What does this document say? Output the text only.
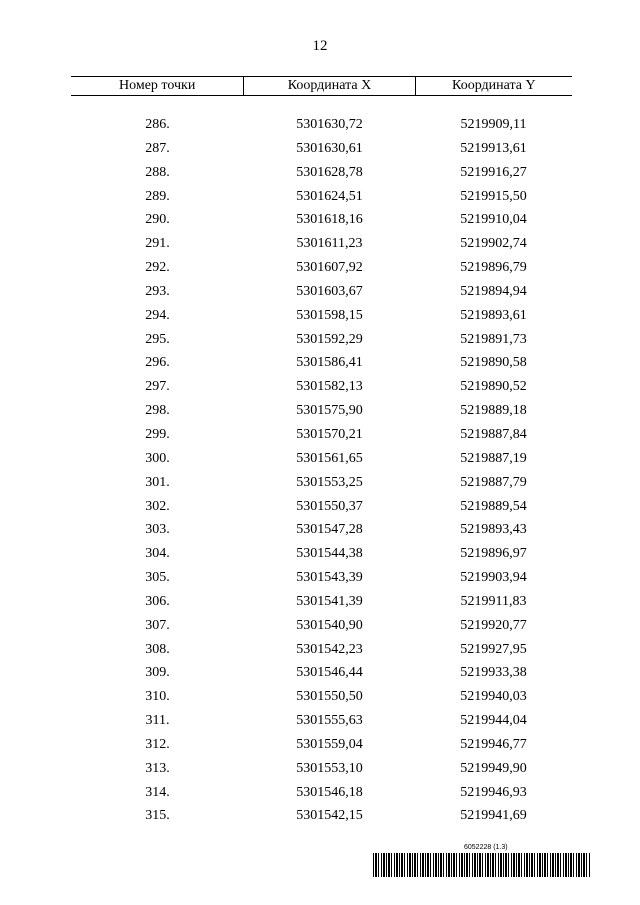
12
Номер точки	Координата X	Координата Y
286.	5301630,72	5219909,11
287.	5301630,61	5219913,61
288.	5301628,78	5219916,27
289.	5301624,51	5219915,50
290.	5301618,16	5219910,04
291.	5301611,23	5219902,74
292.	5301607,92	5219896,79
293.	5301603,67	5219894,94
294.	5301598,15	5219893,61
295.	5301592,29	5219891,73
296.	5301586,41	5219890,58
297.	5301582,13	5219890,52
298.	5301575,90	5219889,18
299.	5301570,21	5219887,84
300.	5301561,65	5219887,19
301.	5301553,25	5219887,79
302.	5301550,37	5219889,54
303.	5301547,28	5219893,43
304.	5301544,38	5219896,97
305.	5301543,39	5219903,94
306.	5301541,39	5219911,83
307.	5301540,90	5219920,77
308.	5301542,23	5219927,95
309.	5301546,44	5219933,38
310.	5301550,50	5219940,03
311.	5301555,63	5219944,04
312.	5301559,04	5219946,77
313.	5301553,10	5219949,90
314.	5301546,18	5219946,93
315.	5301542,15	5219941,69
6052228 (1.3)
